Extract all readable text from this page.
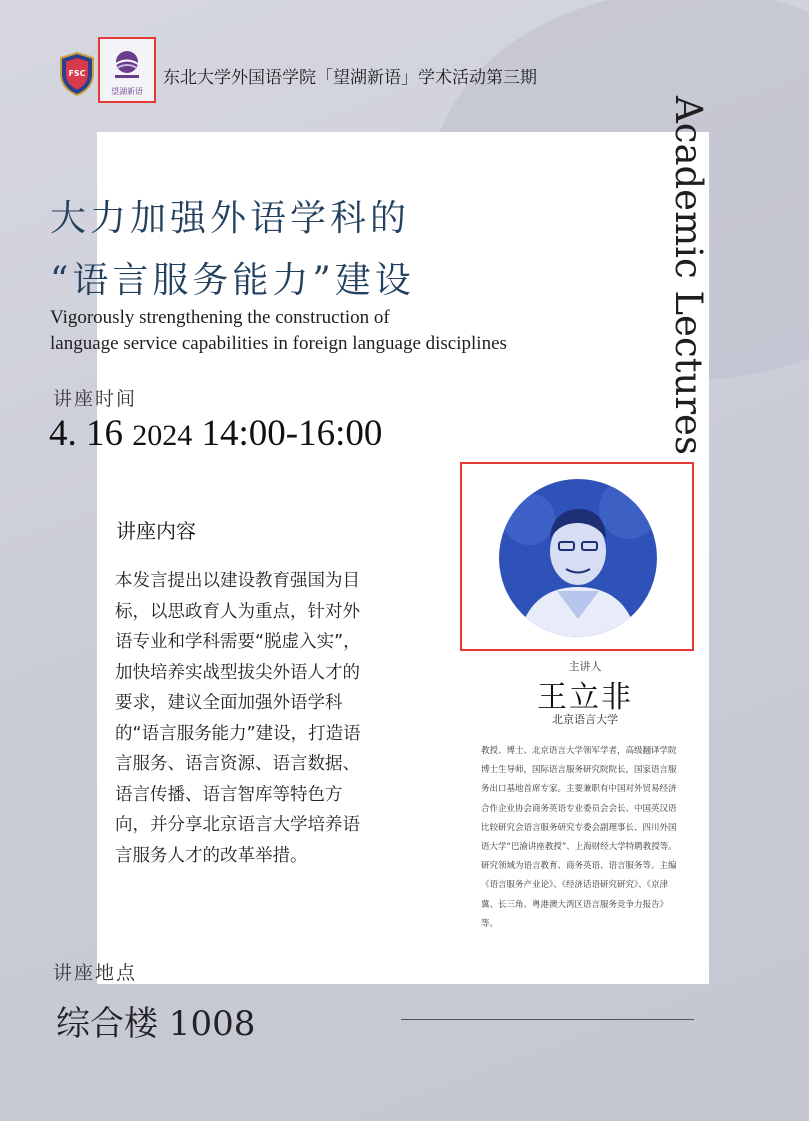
FSC
望湖新语
东北大学外国语学院「望湖新语」学术活动第三期
Academic Lectures
大力加强外语学科的
“语言服务能力”建设
Vigorously strengthening the construction of
language service capabilities in foreign language disciplines
讲座时间
4. 16 2024 14:00-16:00
讲座内容
本发言提出以建设教育强国为目标，以思政育人为重点，针对外语专业和学科需要“脱虚入实”，加快培养实战型拔尖外语人才的要求，建议全面加强外语学科的“语言服务能力”建设，打造语言服务、语言资源、语言数据、语言传播、语言智库等特色方向，并分享北京语言大学培养语言服务人才的改革举措。
主讲人
王立非
北京语言大学
教授、博士、北京语言大学领军学者，高级翻译学院博士生导师，国际语言服务研究院院长，国家语言服务出口基地首席专家。主要兼职有中国对外贸易经济合作企业协会商务英语专业委员会会长、中国英汉语比较研究会语言服务研究专委会副理事长、四川外国语大学“巴渝讲座教授”、上海财经大学特聘教授等。研究领域为语言教育、商务英语、语言服务等。主编《语言服务产业论》、《经济话语研究研究》、《京津冀、长三角、粤港澳大湾区语言服务竞争力报告》等。
讲座地点
综合楼 1008
